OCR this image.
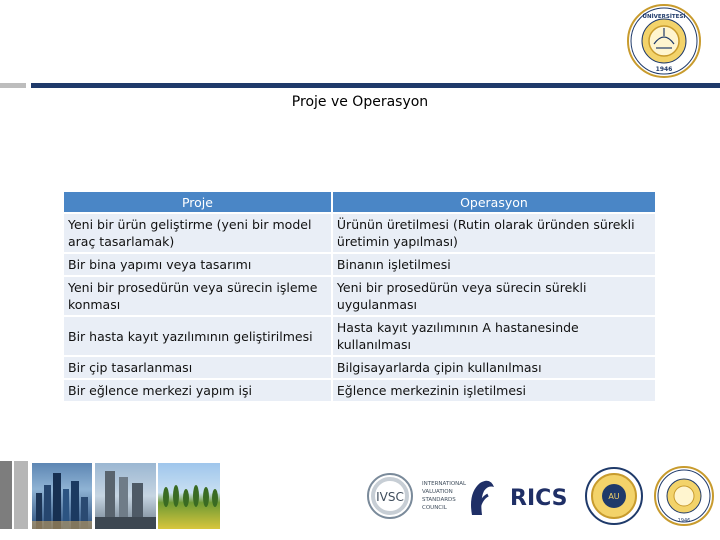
ÜNİVERSİTESİ
1946
Proje ve Operasyon
Proje	Operasyon
Yeni bir ürün geliştirme (yeni bir model araç tasarlamak)	Ürünün üretilmesi (Rutin olarak üründen sürekli üretimin yapılması)
Bir bina yapımı veya tasarımı	Binanın işletilmesi
Yeni bir prosedürün veya sürecin işleme konması	Yeni bir prosedürün veya sürecin sürekli uygulanması
Bir hasta kayıt yazılımının geliştirilmesi	Hasta kayıt yazılımının A hastanesinde kullanılması
Bir çip tasarlanması	Bilgisayarlarda çipin kullanılması
Bir eğlence merkezi yapım işi	Eğlence merkezinin işletilmesi
IVSC
INTERNATIONAL
VALUATION
STANDARDS
COUNCIL	RICS	AU
1946
